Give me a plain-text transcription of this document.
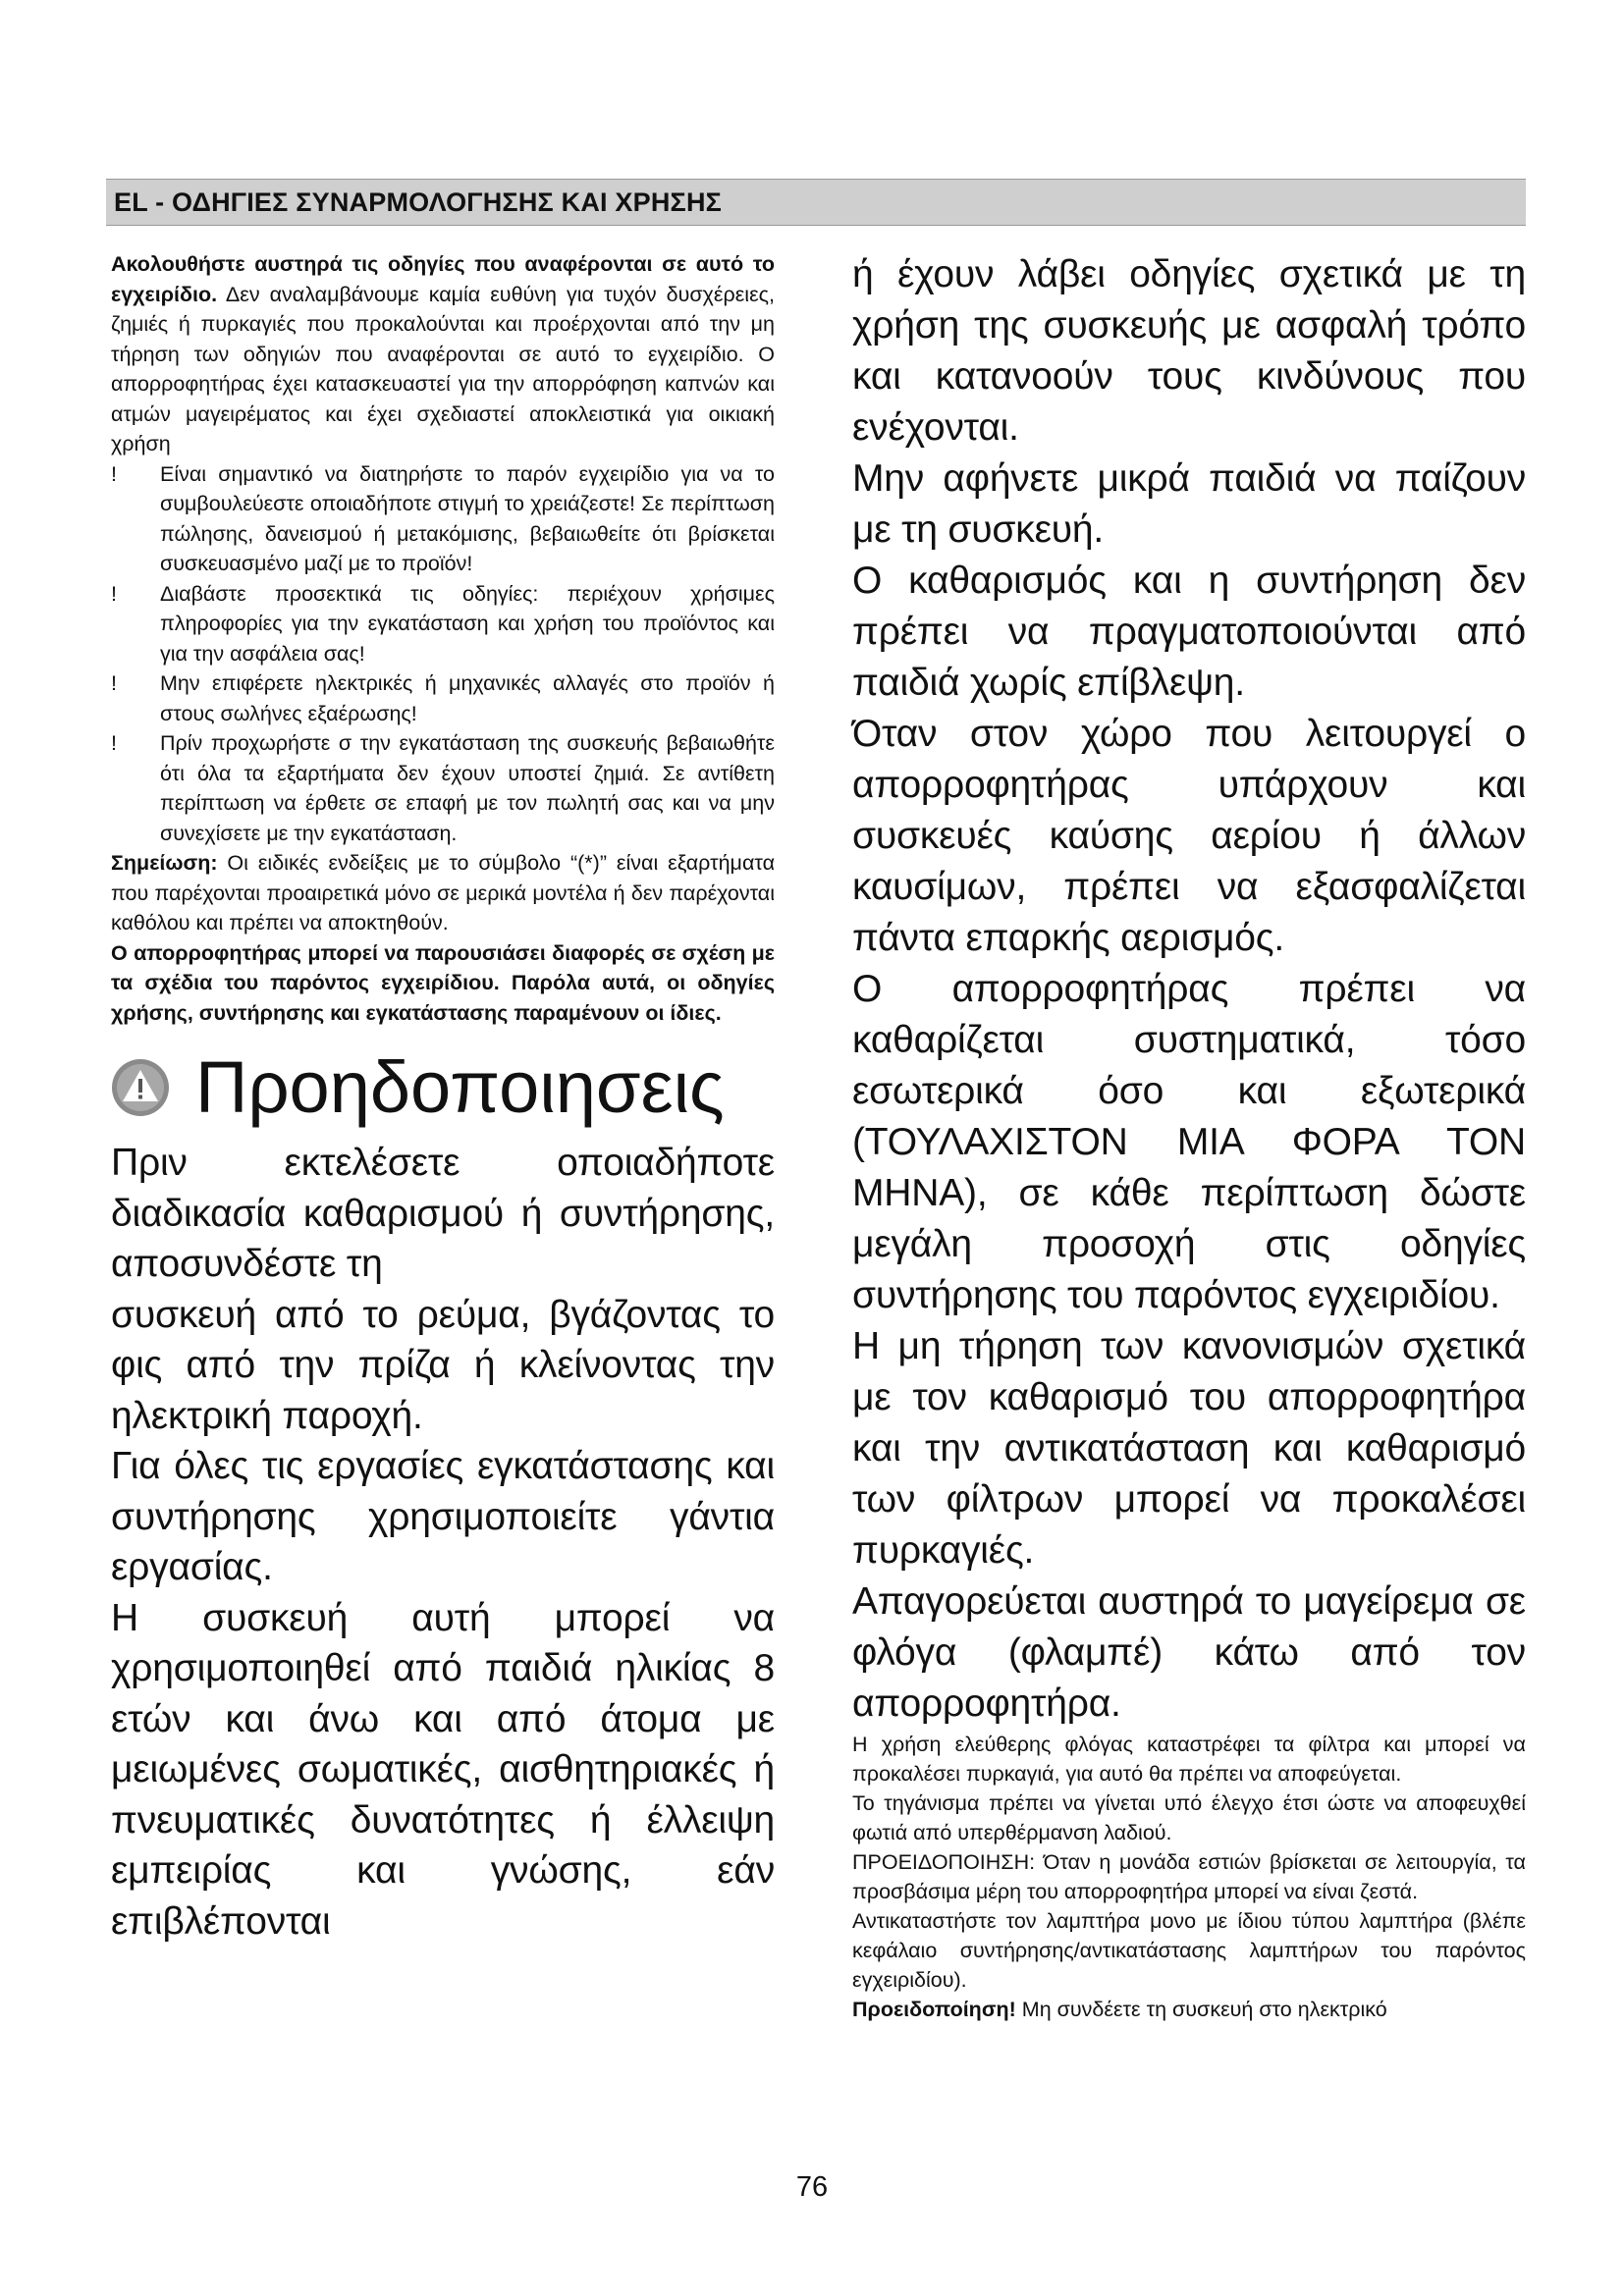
EL - ΟΔΗΓΙΕΣ ΣΥΝΑΡΜΟΛΟΓΗΣΗΣ ΚΑΙ ΧΡΗΣΗΣ

Ακολουθήστε αυστηρά τις οδηγίες που αναφέρονται σε αυτό το εγχειρίδιο. Δεν αναλαμβάνουμε καμία ευθύνη για τυχόν δυσχέρειες, ζημιές ή πυρκαγιές που προκαλούνται και προέρχονται από την μη τήρηση των οδηγιών που αναφέρονται σε αυτό το εγχειρίδιο. Ο απορροφητήρας έχει κατασκευαστεί για την απορρόφηση καπνών και ατμών μαγειρέματος και έχει σχεδιαστεί αποκλειστικά για οικιακή χρήση

!	Είναι σημαντικό να διατηρήστε το παρόν εγχειρίδιο για να το συμβουλεύεστε οποιαδήποτε στιγμή το χρειάζεστε! Σε περίπτωση πώλησης, δανεισμού ή μετακόμισης, βεβαιωθείτε ότι βρίσκεται συσκευασμένο μαζί με το προϊόν!
!	Διαβάστε προσεκτικά τις οδηγίες: περιέχουν χρήσιμες πληροφορίες για την εγκατάσταση και χρήση του προϊόντος και για την ασφάλεια σας!
!	Μην επιφέρετε ηλεκτρικές ή μηχανικές αλλαγές στο προϊόν ή στους σωλήνες εξαέρωσης!
!	Πρίν προχωρήστε σ την εγκατάσταση της συσκευής βεβαιωθήτε ότι όλα τα εξαρτήματα δεν έχουν υποστεί ζημιά. Σε αντίθετη περίπτωση να έρθετε σε επαφή με τον πωλητή σας και να μην συνεχίσετε με την εγκατάσταση.

Σημείωση: Οι ειδικές ενδείξεις με το σύμβολο “(*)” είναι εξαρτήματα που παρέχονται προαιρετικά μόνο σε μερικά μοντέλα ή δεν παρέχονται καθόλου και πρέπει να αποκτηθούν.

Ο απορροφητήρας μπορεί να παρουσιάσει διαφορές σε σχέση με τα σχέδια του παρόντος εγχειρίδιου. Παρόλα αυτά, οι οδηγίες χρήσης, συντήρησης και εγκατάστασης παραμένουν οι ίδιες.

Προηδοποιησεις

Πριν εκτελέσετε οποιαδήποτε διαδικασία καθαρισμού ή συντήρησης, αποσυνδέστε τη

συσκευή από το ρεύμα, βγάζοντας το φις από την πρίζα ή κλείνοντας την ηλεκτρική παροχή.

Για όλες τις εργασίες εγκατάστασης και συντήρησης χρησιμοποιείτε γάντια εργασίας.

Η συσκευή αυτή μπορεί να χρησιμοποιηθεί από παιδιά ηλικίας 8 ετών και άνω και από άτομα με μειωμένες σωματικές, αισθητηριακές ή πνευματικές δυνατότητες ή έλλειψη εμπειρίας και γνώσης, εάν επιβλέπονται

ή έχουν λάβει οδηγίες σχετικά με τη χρήση της συσκευής με ασφαλή τρόπο και κατανοούν τους κινδύνους που ενέχονται.

Μην αφήνετε μικρά παιδιά να παίζουν με τη συσκευή.

Ο καθαρισμός και η συντήρηση δεν πρέπει να πραγματοποιούνται από παιδιά χωρίς επίβλεψη.

Όταν στον χώρο που λειτουργεί ο απορροφητήρας υπάρχουν και συσκευές καύσης αερίου ή άλλων καυσίμων, πρέπει να εξασφαλίζεται πάντα επαρκής αερισμός.

Ο απορροφητήρας πρέπει να καθαρίζεται συστηματικά, τόσο εσωτερικά όσο και εξωτερικά (ΤΟΥΛΑΧΙΣΤΟΝ ΜΙΑ ΦΟΡΑ ΤΟΝ ΜΗΝΑ), σε κάθε περίπτωση δώστε μεγάλη προσοχή στις οδηγίες συντήρησης του παρόντος εγχειριδίου.

Η μη τήρηση των κανονισμών σχετικά με τον καθαρισμό του απορροφητήρα και την αντικατάσταση και καθαρισμό των φίλτρων μπορεί να προκαλέσει πυρκαγιές.

Απαγορεύεται αυστηρά το μαγείρεμα σε φλόγα (φλαμπέ) κάτω από τον απορροφητήρα.

Η χρήση ελεύθερης φλόγας καταστρέφει τα φίλτρα και μπορεί να προκαλέσει πυρκαγιά, για αυτό θα πρέπει να αποφεύγεται.

Το τηγάνισμα πρέπει να γίνεται υπό έλεγχο έτσι ώστε να αποφευχθεί φωτιά από υπερθέρμανση λαδιού.

ΠΡΟΕΙΔΟΠΟΙΗΣΗ: Όταν η μονάδα εστιών βρίσκεται σε λειτουργία, τα προσβάσιμα μέρη του απορροφητήρα μπορεί να είναι ζεστά.

Αντικαταστήστε τον λαμπτήρα μονο με ίδιου τύπου λαμπτήρα (βλέπε κεφάλαιο συντήρησης/αντικατάστασης λαμπτήρων του παρόντος εγχειριδίου).

Προειδοποίηση! Μη συνδέετε τη συσκευή στο ηλεκτρικό

76
